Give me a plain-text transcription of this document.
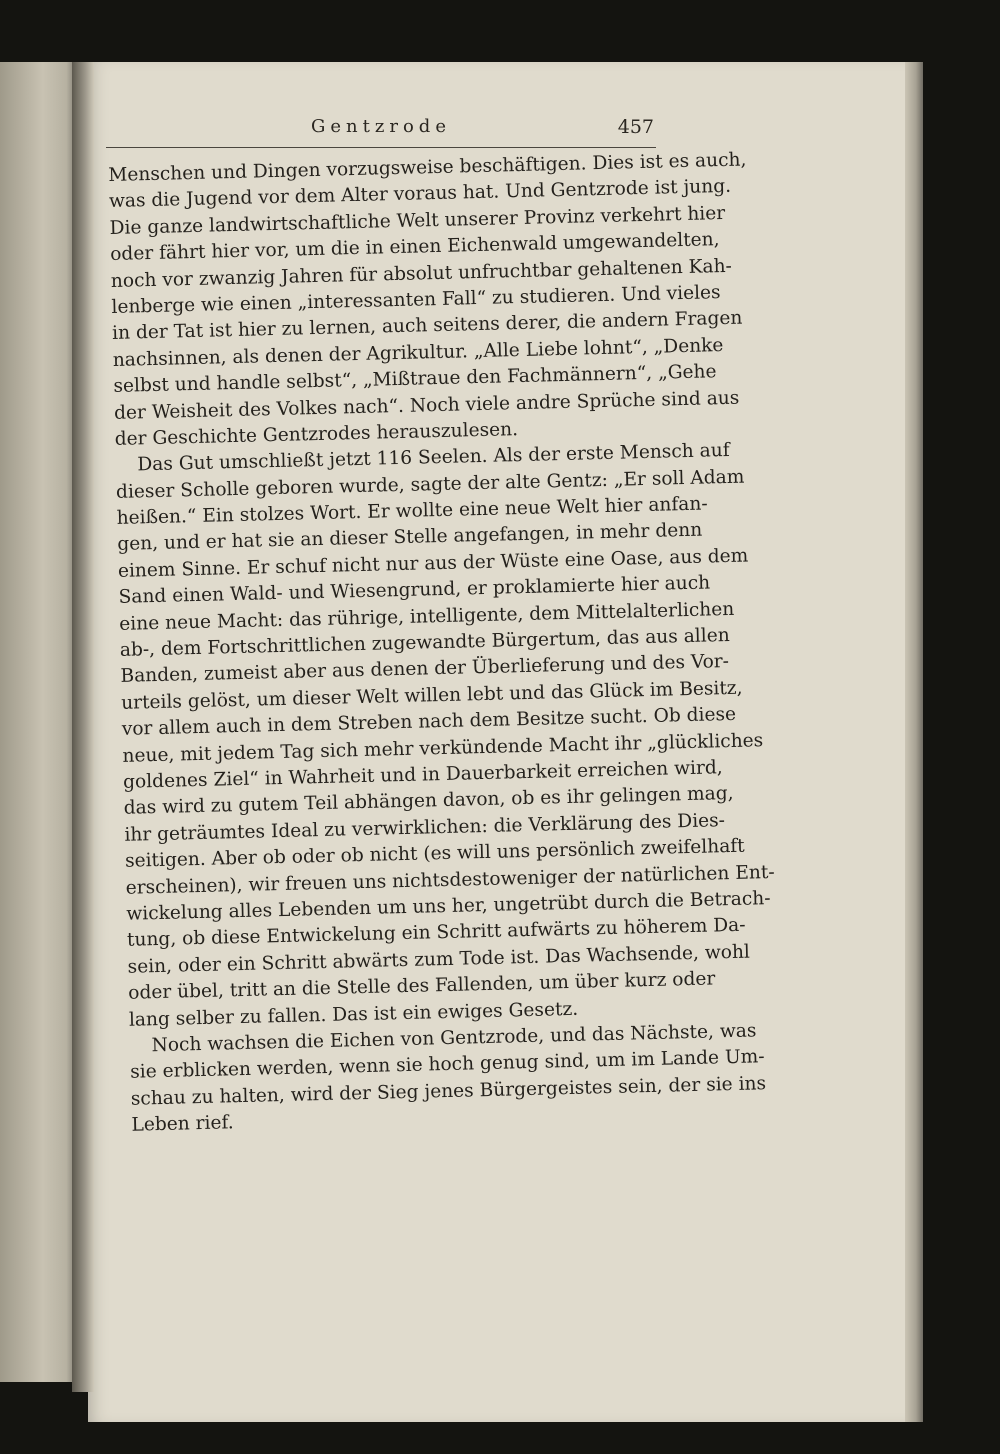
Gentzrode	457
Menschen und Dingen vorzugsweise beschäftigen. Dies ist es auch,
was die Jugend vor dem Alter voraus hat. Und Gentzrode ist jung.
Die ganze landwirtschaftliche Welt unserer Provinz verkehrt hier
oder fährt hier vor, um die in einen Eichenwald umgewandelten,
noch vor zwanzig Jahren für absolut unfruchtbar gehaltenen Kah-
lenberge wie einen „interessanten Fall“ zu studieren. Und vieles
in der Tat ist hier zu lernen, auch seitens derer, die andern Fragen
nachsinnen, als denen der Agrikultur. „Alle Liebe lohnt“, „Denke
selbst und handle selbst“, „Mißtraue den Fachmännern“, „Gehe
der Weisheit des Volkes nach“. Noch viele andre Sprüche sind aus
der Geschichte Gentzrodes herauszulesen.
Das Gut umschließt jetzt 116 Seelen. Als der erste Mensch auf
dieser Scholle geboren wurde, sagte der alte Gentz: „Er soll Adam
heißen.“ Ein stolzes Wort. Er wollte eine neue Welt hier anfan-
gen, und er hat sie an dieser Stelle angefangen, in mehr denn
einem Sinne. Er schuf nicht nur aus der Wüste eine Oase, aus dem
Sand einen Wald- und Wiesengrund, er proklamierte hier auch
eine neue Macht: das rührige, intelligente, dem Mittelalterlichen
ab-, dem Fortschrittlichen zugewandte Bürgertum, das aus allen
Banden, zumeist aber aus denen der Überlieferung und des Vor-
urteils gelöst, um dieser Welt willen lebt und das Glück im Besitz,
vor allem auch in dem Streben nach dem Besitze sucht. Ob diese
neue, mit jedem Tag sich mehr verkündende Macht ihr „glückliches
goldenes Ziel“ in Wahrheit und in Dauerbarkeit erreichen wird,
das wird zu gutem Teil abhängen davon, ob es ihr gelingen mag,
ihr geträumtes Ideal zu verwirklichen: die Verklärung des Dies-
seitigen. Aber ob oder ob nicht (es will uns persönlich zweifelhaft
erscheinen), wir freuen uns nichtsdestoweniger der natürlichen Ent-
wickelung alles Lebenden um uns her, ungetrübt durch die Betrach-
tung, ob diese Entwickelung ein Schritt aufwärts zu höherem Da-
sein, oder ein Schritt abwärts zum Tode ist. Das Wachsende, wohl
oder übel, tritt an die Stelle des Fallenden, um über kurz oder
lang selber zu fallen. Das ist ein ewiges Gesetz.
Noch wachsen die Eichen von Gentzrode, und das Nächste, was
sie erblicken werden, wenn sie hoch genug sind, um im Lande Um-
schau zu halten, wird der Sieg jenes Bürgergeistes sein, der sie ins
Leben rief.
